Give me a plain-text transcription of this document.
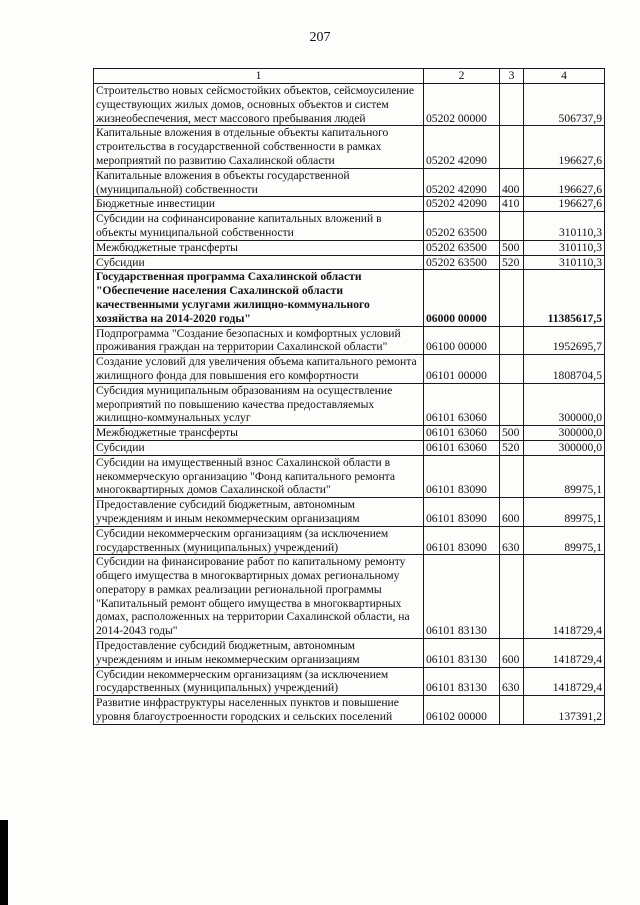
207
1	2	3	4
Строительство новых сейсмостойких объектов, сейсмоусиление существующих жилых домов, основных объектов и систем жизнеобеспечения, мест массового пребывания людей	05202 00000		506737,9
Капитальные вложения в отдельные объекты капитального строительства в государственной собственности в рамках мероприятий по развитию Сахалинской области	05202 42090		196627,6
Капитальные вложения в объекты государственной (муниципальной) собственности	05202 42090	400	196627,6
Бюджетные инвестиции	05202 42090	410	196627,6
Субсидии на софинансирование капитальных вложений в объекты муниципальной собственности	05202 63500		310110,3
Межбюджетные трансферты	05202 63500	500	310110,3
Субсидии	05202 63500	520	310110,3
Государственная программа Сахалинской области "Обеспечение населения Сахалинской области качественными услугами жилищно-коммунального хозяйства на 2014-2020 годы"	06000 00000		11385617,5
Подпрограмма "Создание безопасных и комфортных условий проживания граждан на территории Сахалинской области"	06100 00000		1952695,7
Создание условий для увеличения объема капитального ремонта жилищного фонда для повышения его комфортности	06101 00000		1808704,5
Субсидия муниципальным образованиям на осуществление мероприятий по повышению качества предоставляемых жилищно-коммунальных услуг	06101 63060		300000,0
Межбюджетные трансферты	06101 63060	500	300000,0
Субсидии	06101 63060	520	300000,0
Субсидии на имущественный взнос Сахалинской области в некоммерческую организацию "Фонд капитального ремонта многоквартирных домов Сахалинской области"	06101 83090		89975,1
Предоставление субсидий бюджетным, автономным учреждениям и иным некоммерческим организациям	06101 83090	600	89975,1
Субсидии некоммерческим организациям (за исключением государственных (муниципальных) учреждений)	06101 83090	630	89975,1
Субсидии на финансирование работ по капитальному ремонту общего имущества в многоквартирных домах региональному оператору в рамках реализации региональной программы "Капитальный ремонт общего имущества в многоквартирных домах, расположенных на территории Сахалинской области, на 2014-2043 годы"	06101 83130		1418729,4
Предоставление субсидий бюджетным, автономным учреждениям и иным некоммерческим организациям	06101 83130	600	1418729,4
Субсидии некоммерческим организациям (за исключением государственных (муниципальных) учреждений)	06101 83130	630	1418729,4
Развитие инфраструктуры населенных пунктов и повышение уровня благоустроенности городских и сельских поселений	06102 00000		137391,2
